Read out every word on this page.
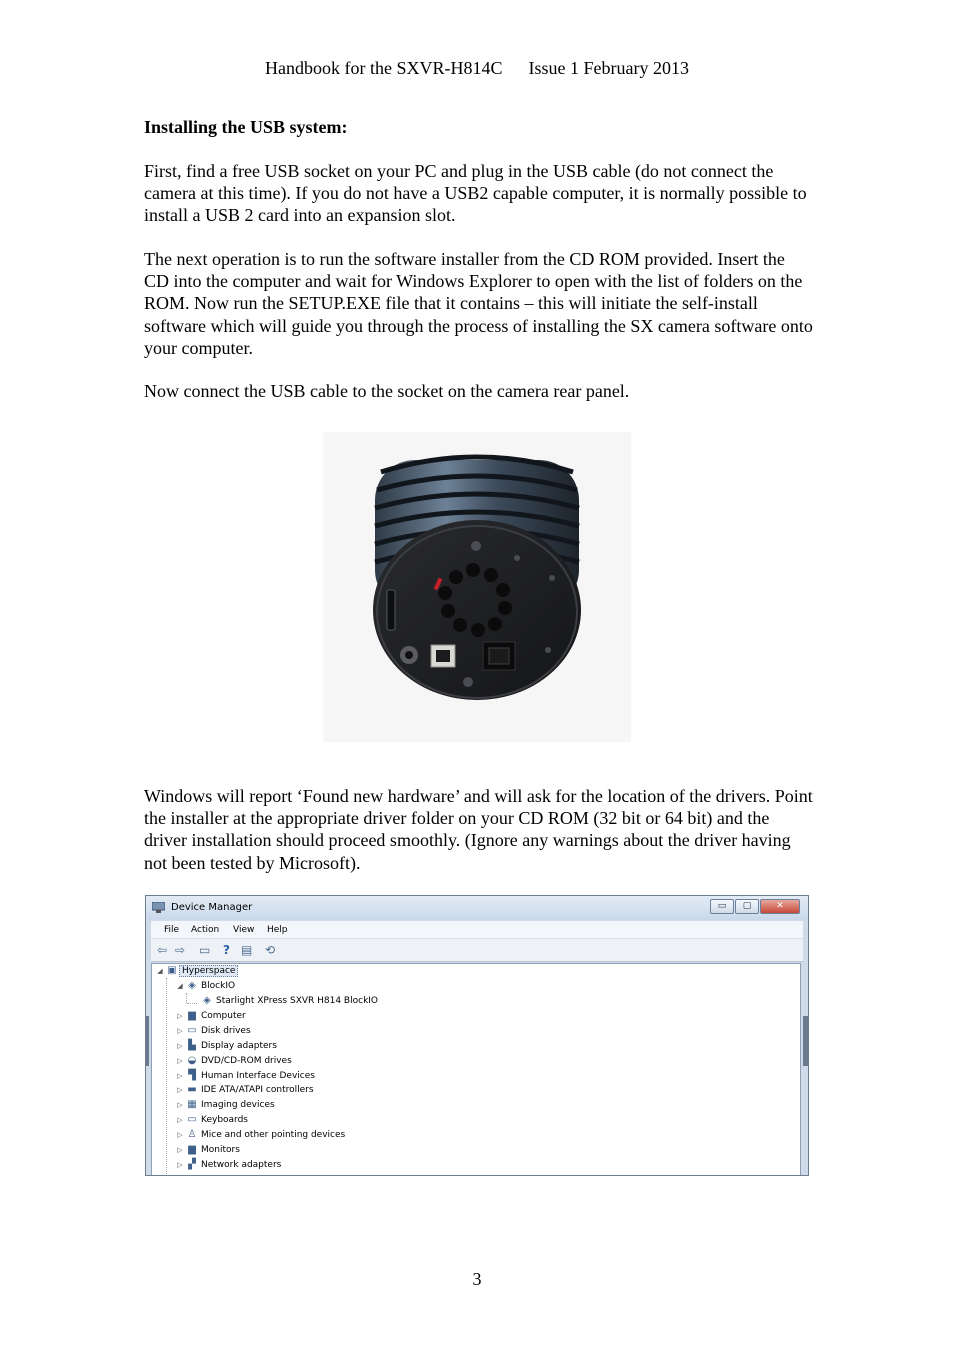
Handbook for the SXVR-H814C Issue 1 February 2013
Installing the USB system:

First, find a free USB socket on your PC and plug in the USB cable (do not connect the camera at this time). If you do not have a USB2 capable computer, it is normally possible to install a USB 2 card into an expansion slot.

The next operation is to run the software installer from the CD ROM provided. Insert the CD into the computer and wait for Windows Explorer to open with the list of folders on the ROM. Now run the SETUP.EXE file that it contains – this will initiate the self-install software which will guide you through the process of installing the SX camera software onto your computer.

Now connect the USB cable to the socket on the camera rear panel.

Windows will report ‘Found new hardware’ and will ask for the location of the drivers. Point the installer at the appropriate driver folder on your CD ROM (32 bit or 64 bit) and the driver installation should proceed smoothly. (Ignore any warnings about the driver having not been tested by Microsoft).

Device Manager	▭	▢	✕
File Action View Help
⇦ ⇨ ▭ ? ▤ ⟲
◢ ▣ Hyperspace
◢ ◈ BlockIO
◈ Starlight XPress SXVR H814 BlockIO
▷ ▆ Computer
▷ ▭ Disk drives
▷ ▙ Display adapters
▷ ◒ DVD/CD-ROM drives
▷ ▜ Human Interface Devices
▷ ▬ IDE ATA/ATAPI controllers
▷ ▦ Imaging devices
▷ ▭ Keyboards
▷ ♙ Mice and other pointing devices
▷ ▆ Monitors
▷ ▞ Network adapters
3
